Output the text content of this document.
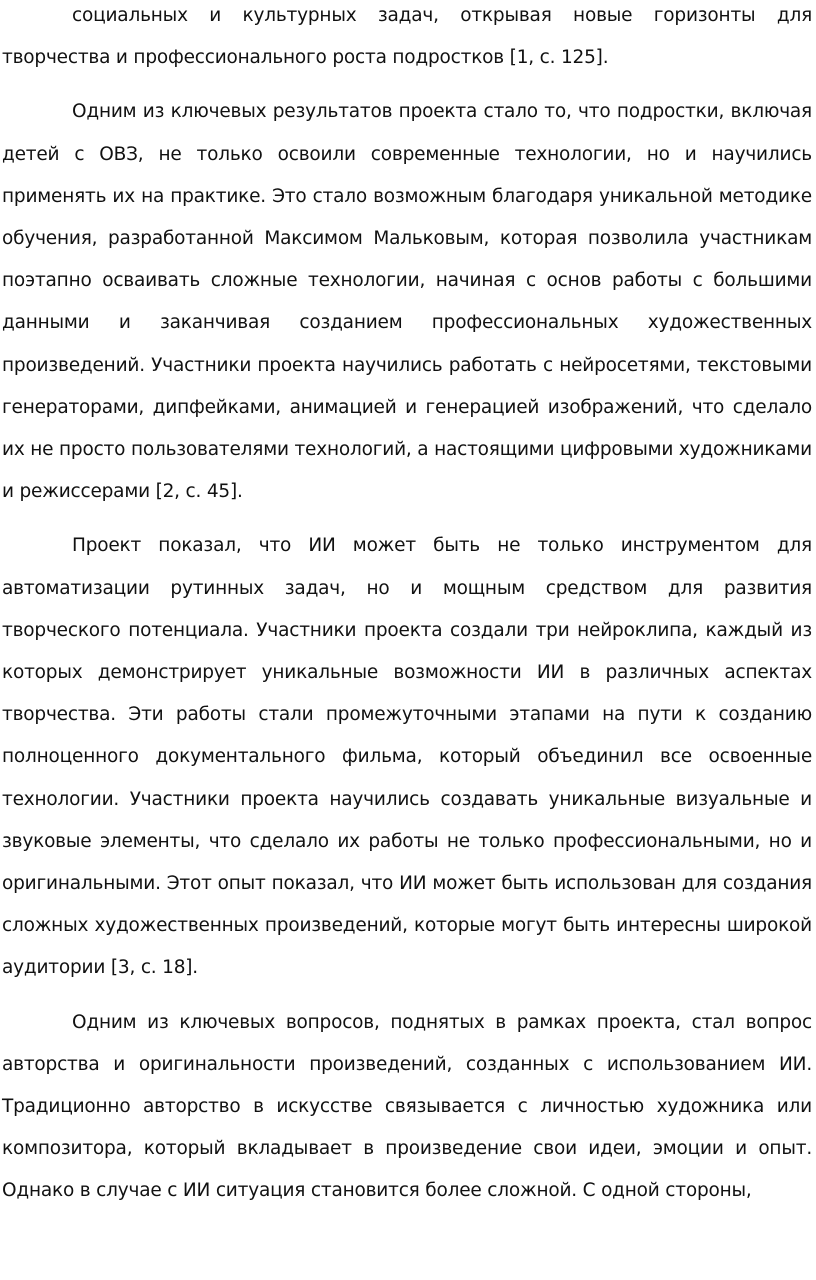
социальных и культурных задач, открывая новые горизонты для творчества и профессионального роста подростков [1, с. 125].

Одним из ключевых результатов проекта стало то, что подростки, включая детей с ОВЗ, не только освоили современные технологии, но и научились применять их на практике. Это стало возможным благодаря уникальной методике обучения, разработанной Максимом Мальковым, которая позволила участникам поэтапно осваивать сложные технологии, начиная с основ работы с большими данными и заканчивая созданием профессиональных художественных произведений. Участники проекта научились работать с нейросетями, текстовыми генераторами, дипфейками, анимацией и генерацией изображений, что сделало их не просто пользователями технологий, а настоящими цифровыми художниками и режиссерами [2, с. 45].

Проект показал, что ИИ может быть не только инструментом для автоматизации рутинных задач, но и мощным средством для развития творческого потенциала. Участники проекта создали три нейроклипа, каждый из которых демонстрирует уникальные возможности ИИ в различных аспектах творчества. Эти работы стали промежуточными этапами на пути к созданию полноценного документального фильма, который объединил все освоенные технологии. Участники проекта научились создавать уникальные визуальные и звуковые элементы, что сделало их работы не только профессиональными, но и оригинальными. Этот опыт показал, что ИИ может быть использован для создания сложных художественных произведений, которые могут быть интересны широкой аудитории [3, с. 18].

Одним из ключевых вопросов, поднятых в рамках проекта, стал вопрос авторства и оригинальности произведений, созданных с использованием ИИ. Традиционно авторство в искусстве связывается с личностью художника или композитора, который вкладывает в произведение свои идеи, эмоции и опыт. Однако в случае с ИИ ситуация становится более сложной. С одной стороны,
